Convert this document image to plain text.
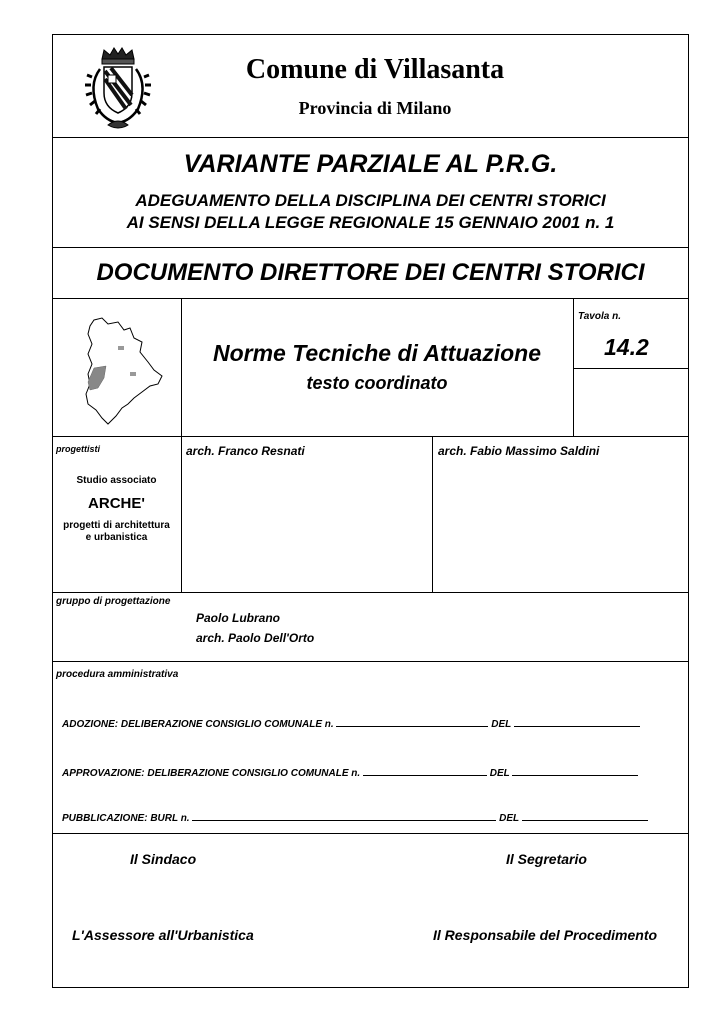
Comune di Villasanta
Provincia di Milano
VARIANTE PARZIALE AL P.R.G.
ADEGUAMENTO DELLA DISCIPLINA DEI CENTRI STORICI
AI SENSI DELLA LEGGE REGIONALE 15 GENNAIO 2001 n. 1
DOCUMENTO DIRETTORE DEI CENTRI STORICI
Norme Tecniche di Attuazione
testo coordinato
Tavola n.
14.2
progettisti
Studio associato
ARCHE'
progetti di architettura
e urbanistica
arch. Franco Resnati	arch. Fabio Massimo Saldini
gruppo di progettazione
Paolo Lubrano
arch. Paolo Dell'Orto
procedura amministrativa
ADOZIONE: DELIBERAZIONE CONSIGLIO COMUNALE n.	DEL
APPROVAZIONE: DELIBERAZIONE CONSIGLIO COMUNALE n.	DEL
PUBBLICAZIONE: BURL n.	DEL
Il Sindaco	Il Segretario
L'Assessore all'Urbanistica	Il Responsabile del Procedimento
